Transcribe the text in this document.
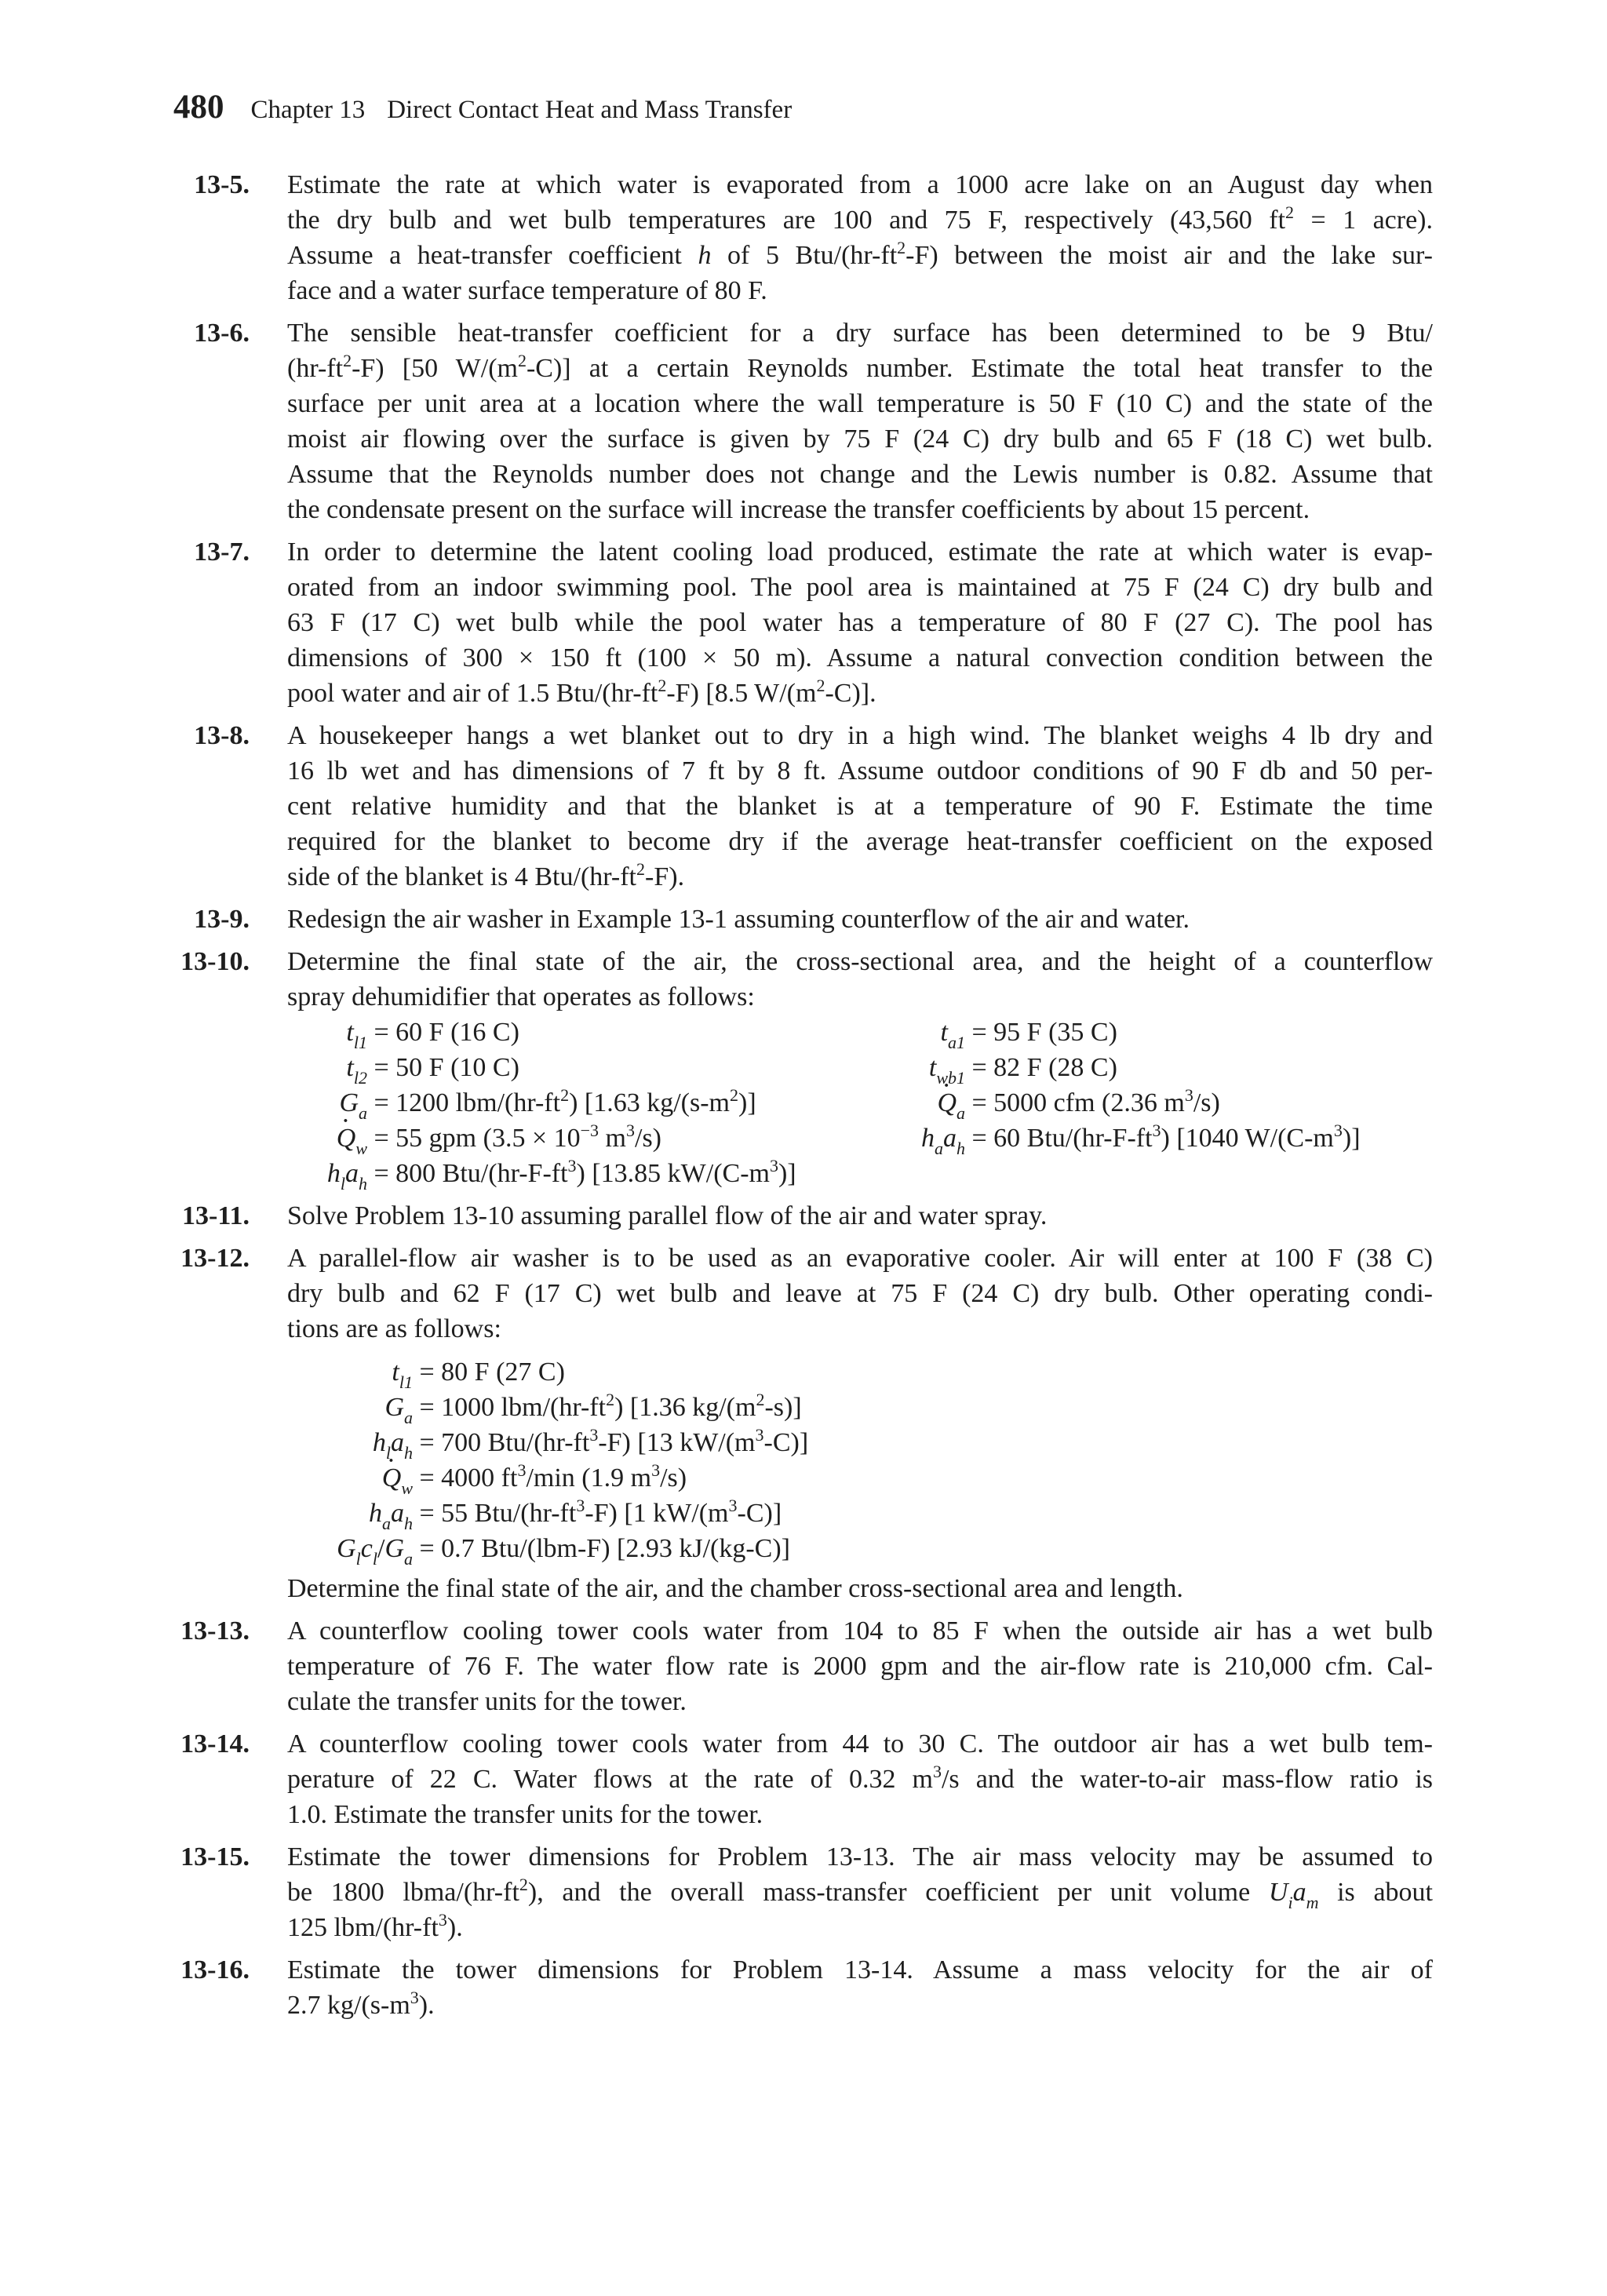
480 Chapter 13 Direct Contact Heat and Mass Transfer
13-5. Estimate the rate at which water is evaporated from a 1000 acre lake on an August day when
the dry bulb and wet bulb temperatures are 100 and 75 F, respectively (43,560 $ft^2 = 1$ acre).
Assume a heat-transfer coefficient h of 5 Btu/$(hr-ft^2-F)$ between the moist air and the lake sur-
face and a water surface temperature of 80 F.
13-6. The sensible heat-transfer coefficient for a dry surface has been determined to be 9 Btu/
$(hr-ft^2-F)$ [50 $W/(m^2-C)$] at a certain Reynolds number. Estimate the total heat transfer to the
surface per unit area at a location where the wall temperature is 50 F (10 C) and the state of the
moist air flowing over the surface is given by 75 F (24 C) dry bulb and 65 F (18 C) wet bulb.
Assume that the Reynolds number does not change and the Lewis number is 0.82. Assume that
the condensate present on the surface will increase the transfer coefficients by about 15 percent.
13-7. In order to determine the latent cooling load produced, estimate the rate at which water is evap-
orated from an indoor swimming pool. The pool area is maintained at 75 F (24 C) dry bulb and
63 F (17 C) wet bulb while the pool water has a temperature of 80 F (27 C). The pool has
dimensions of 300 × 150 ft (100 × 50 m). Assume a natural convection condition between the
pool water and air of 1.5 Btu/$(hr-ft^2-F)$ [8.5 $W/(m^2-C)$].
13-8. A housekeeper hangs a wet blanket out to dry in a high wind. The blanket weighs 4 lb dry and
16 lb wet and has dimensions of 7 ft by 8 ft. Assume outdoor conditions of 90 F db and 50 per-
cent relative humidity and that the blanket is at a temperature of 90 F. Estimate the time
required for the blanket to become dry if the average heat-transfer coefficient on the exposed
side of the blanket is 4 Btu/$(hr-ft^2-F)$.
13-9. Redesign the air washer in Example 13-1 assuming counterflow of the air and water.
13-10. Determine the final state of the air, the cross-sectional area, and the height of a counterflow
spray dehumidifier that operates as follows:
$t_{l1} = 60$ F (16 C)	$t_{a1} = 95$ F (35 C)
$t_{l2} = 50$ F (10 C)	$t_{wb1} = 82$ F (28 C)
$G_a = 1200$ lbm/$(hr-ft^2)$ [1.63 $kg/(s-m^2)$]
·	$Q_a = 5000$ cfm (2.36 $m^3/s$)
· $Q_w = 55$ gpm ($3.5 \times 10^{-3}$ $m^3/s$)	$h_aa_h = 60$ Btu/$(hr-F-ft^3)$ [1040 $W/(C-m^3)$]
$h_la_h = 800$ Btu/$(hr-F-ft^3)$ [13.85 $kW/(C-m^3)$]
13-11. Solve Problem 13-10 assuming parallel flow of the air and water spray.
13-12. A parallel-flow air washer is to be used as an evaporative cooler. Air will enter at 100 F (38 C)
dry bulb and 62 F (17 C) wet bulb and leave at 75 F (24 C) dry bulb. Other operating condi-
tions are as follows:
$t_{l1} = 80$ F (27 C)
$G_a = 1000$ lbm/$(hr-ft^2)$ [1.36 $kg/(m^2-s)$]
$h_la_h = 700$ Btu/$(hr-ft^3-F)$ [13 $kW/(m^3-C)$]
· $Q_w = 4000$ $ft^3/\min$ (1.9 $m^3/s$)
$h_aa_h = 55$ Btu/$(hr-ft^3-F)$ [1 $kW/(m^3-C)$]
$G_lc_l/G_a = 0.7$ Btu/(lbm-F) [2.93 kJ/(kg-C)]
Determine the final state of the air, and the chamber cross-sectional area and length.
13-13. A counterflow cooling tower cools water from 104 to 85 F when the outside air has a wet bulb
temperature of 76 F. The water flow rate is 2000 gpm and the air-flow rate is 210,000 cfm. Cal-
culate the transfer units for the tower.
13-14. A counterflow cooling tower cools water from 44 to 30 C. The outdoor air has a wet bulb tem-
perature of 22 C. Water flows at the rate of 0.32 $m^3/s$ and the water-to-air mass-flow ratio is
1.0. Estimate the transfer units for the tower.
13-15. Estimate the tower dimensions for Problem 13-13. The air mass velocity may be assumed to
be 1800 lbma/$(hr-ft^2)$, and the overall mass-transfer coefficient per unit volume $U_ia_m$ is about
125 lbm/$(hr-ft^3)$.
13-16. Estimate the tower dimensions for Problem 13-14. Assume a mass velocity for the air of
2.7 $kg/(s-m^3)$.
